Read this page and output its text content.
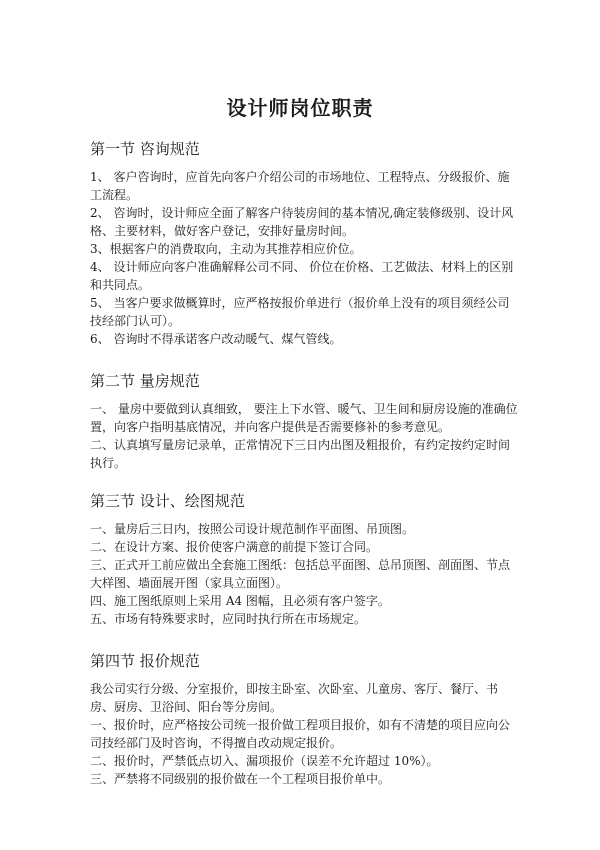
设计师岗位职责
第一节 咨询规范

1、 客户咨询时，应首先向客户介绍公司的市场地位、工程特点、分级报价、施工流程。

2、 咨询时，设计师应全面了解客户待装房间的基本情况,确定装修级别、设计风格、主要材料，做好客户登记，安排好量房时间。

3、根据客户的消费取向，主动为其推荐相应价位。

4、 设计师应向客户准确解释公司不同、 价位在价格、工艺做法、材料上的区别和共同点。

5、 当客户要求做概算时，应严格按报价单进行（报价单上没有的项目须经公司技经部门认可）。

6、 咨询时不得承诺客户改动暖气、煤气管线。

第二节 量房规范

一、 量房中要做到认真细致， 要注上下水管、暖气、卫生间和厨房设施的准确位置，向客户指明基底情况，并向客户提供是否需要修补的参考意见。

二、认真填写量房记录单，正常情况下三日内出图及粗报价，有约定按约定时间执行。

第三节 设计、绘图规范

一、量房后三日内，按照公司设计规范制作平面图、吊顶图。

二、在设计方案、报价使客户满意的前提下签订合同。

三、正式开工前应做出全套施工图纸：包括总平面图、总吊顶图、剖面图、节点大样图、墙面展开图（家具立面图）。

四、施工图纸原则上采用 A4 图幅，且必须有客户签字。

五、市场有特殊要求时，应同时执行所在市场规定。

第四节 报价规范

我公司实行分级、分室报价，即按主卧室、次卧室、儿童房、客厅、餐厅、书房、厨房、卫浴间、阳台等分房间。

一、报价时，应严格按公司统一报价做工程项目报价，如有不清楚的项目应向公司技经部门及时咨询，不得擅自改动规定报价。

二、报价时，严禁低点切入、漏项报价（误差不允许超过 10%）。

三、严禁将不同级别的报价做在一个工程项目报价单中。
